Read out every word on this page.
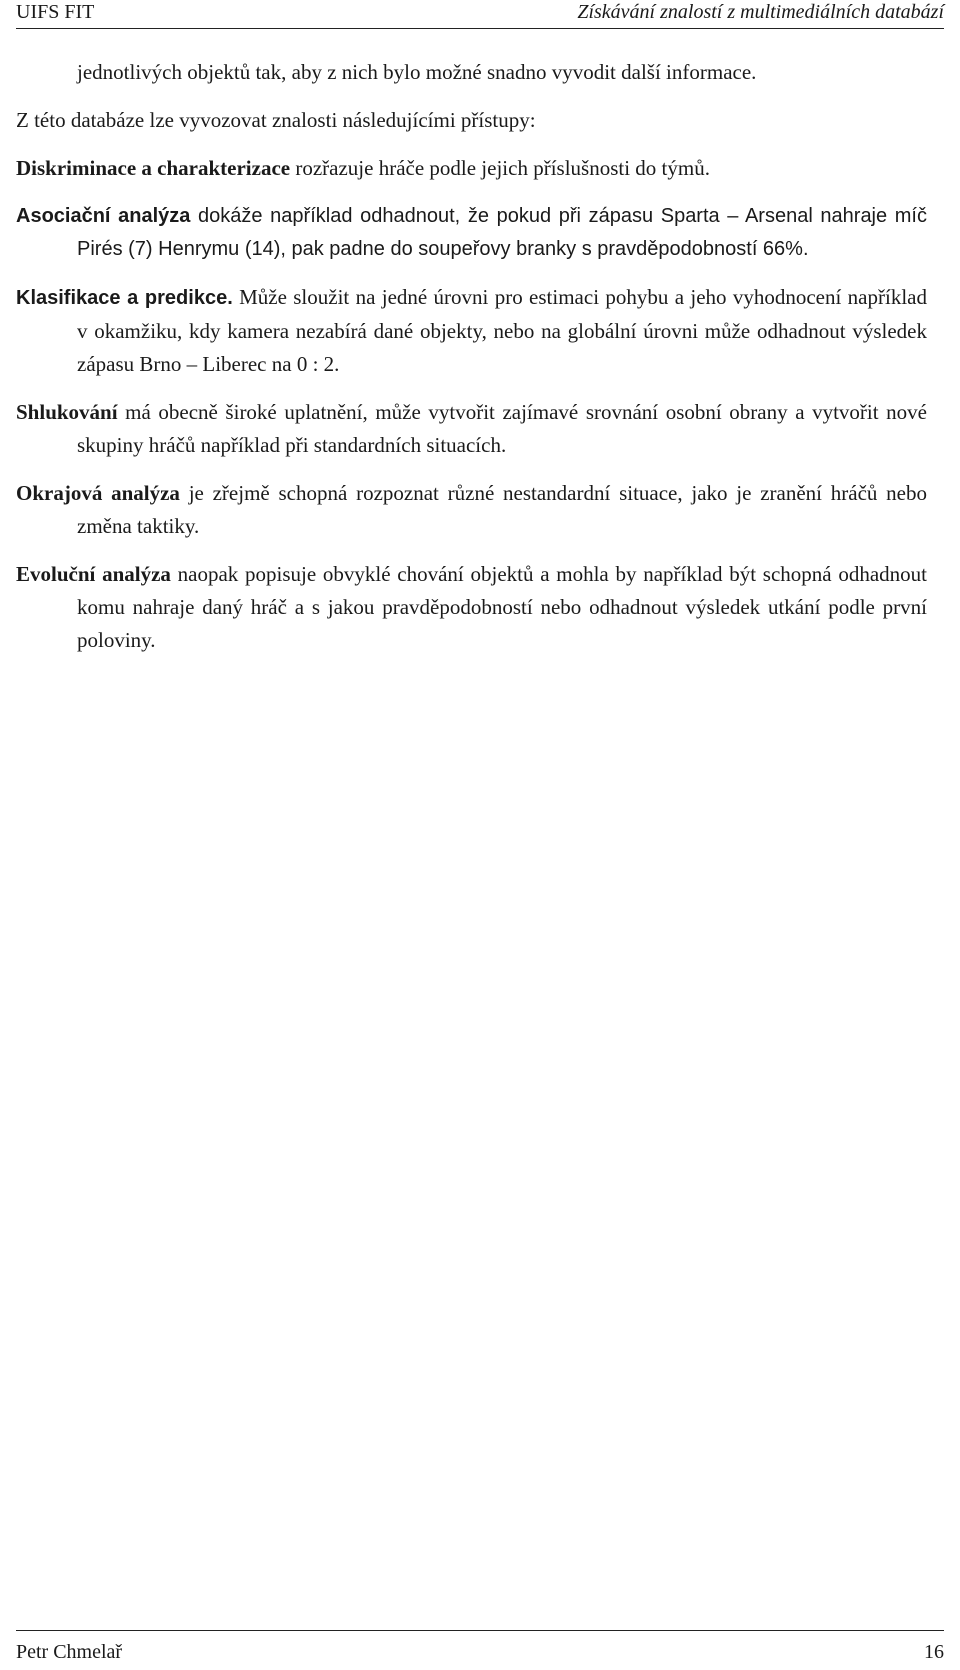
UIFS FIT	Získávání znalostí z multimediálních databází

jednotlivých objektů tak, aby z nich bylo možné snadno vyvodit další informace.

Z této databáze lze vyvozovat znalosti následujícími přístupy:

Diskriminace a charakterizace rozřazuje hráče podle jejich příslušnosti do týmů.

Asociační analýza dokáže například odhadnout, že pokud při zápasu Sparta – Arsenal nahraje míč Pirés (7) Henrymu (14), pak padne do soupeřovy branky s pravděpodobností 66%.

Klasifikace a predikce. Může sloužit na jedné úrovni pro estimaci pohybu a jeho vyhodnocení například v okamžiku, kdy kamera nezabírá dané objekty, nebo na globální úrovni může odhadnout výsledek zápasu Brno – Liberec na 0 : 2.

Shlukování má obecně široké uplatnění, může vytvořit zajímavé srovnání osobní obrany a vytvořit nové skupiny hráčů například při standardních situacích.

Okrajová analýza je zřejmě schopná rozpoznat různé nestandardní situace, jako je zranění hráčů nebo změna taktiky.

Evoluční analýza naopak popisuje obvyklé chování objektů a mohla by například být schopná odhadnout komu nahraje daný hráč a s jakou pravděpodobností nebo odhadnout výsledek utkání podle první poloviny.

Petr Chmelař	16
